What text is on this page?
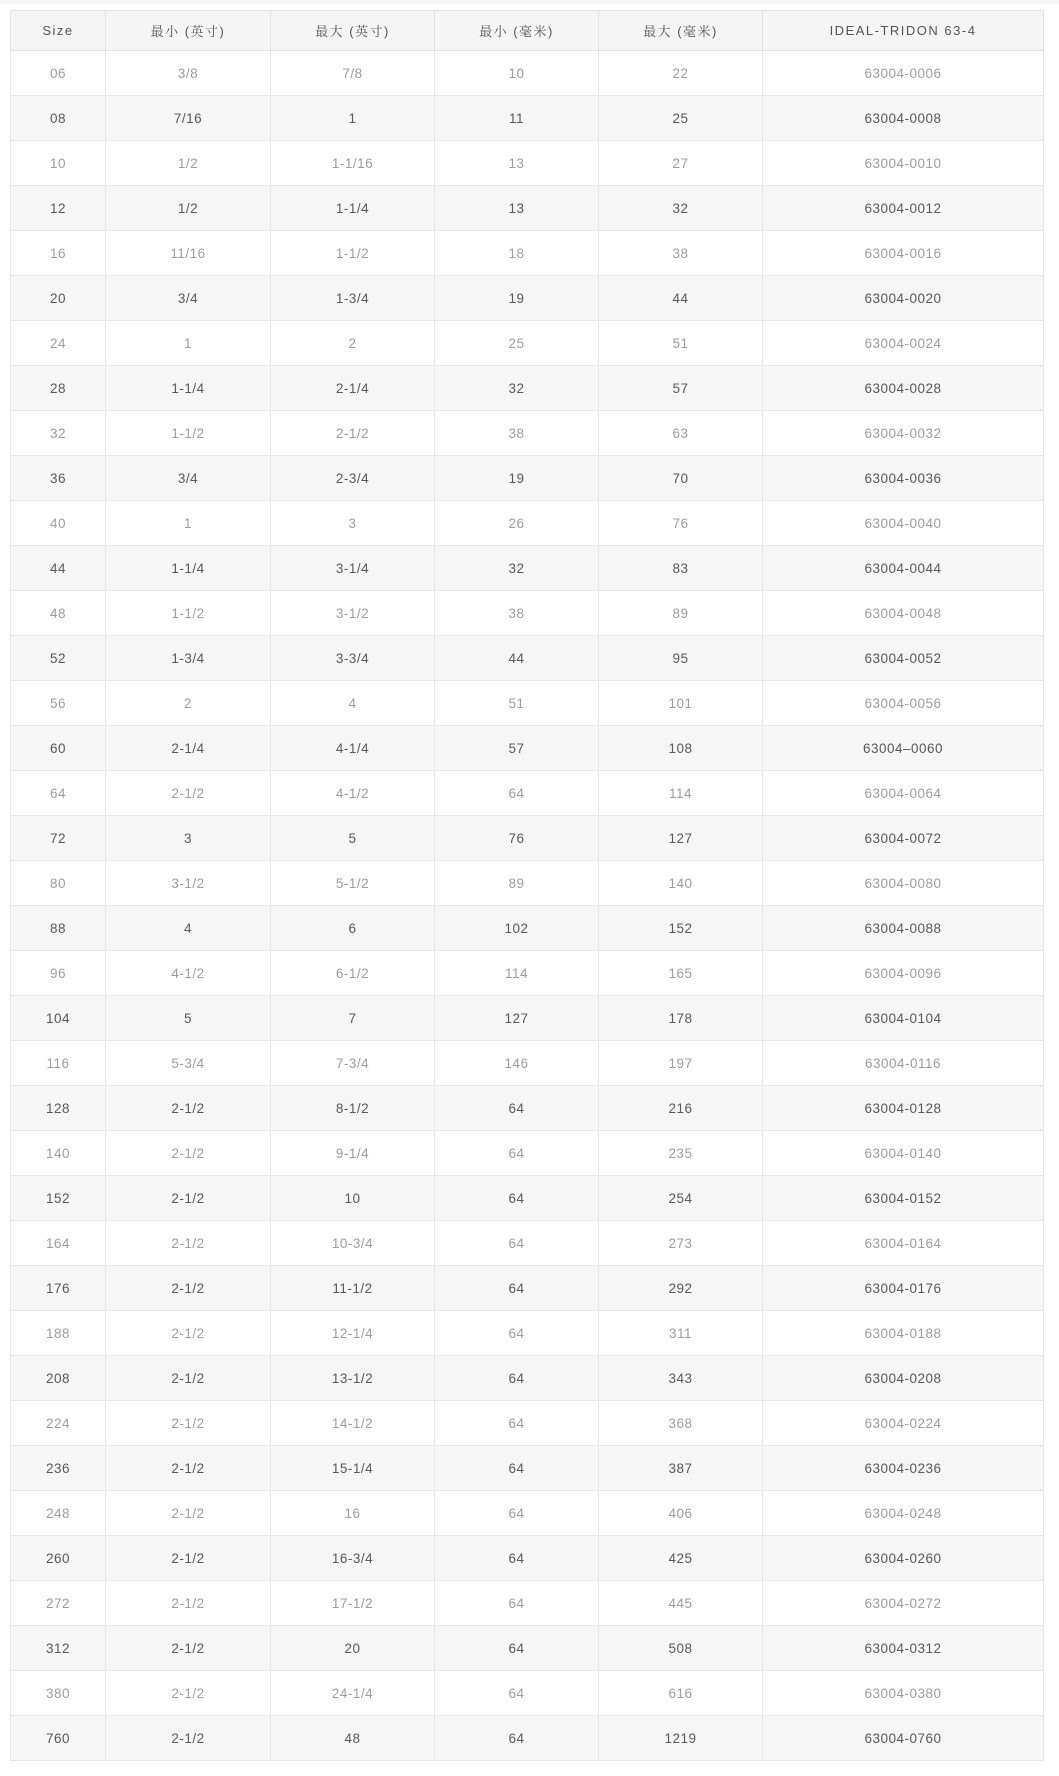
Size	最小 (英寸)	最大 (英寸)	最小 (毫米)	最大 (毫米)	IDEAL-TRIDON 63-4
06	3/8	7/8	10	22	63004-0006
08	7/16	1	11	25	63004-0008
10	1/2	1-1/16	13	27	63004-0010
12	1/2	1-1/4	13	32	63004-0012
16	11/16	1-1/2	18	38	63004-0016
20	3/4	1-3/4	19	44	63004-0020
24	1	2	25	51	63004-0024
28	1-1/4	2-1/4	32	57	63004-0028
32	1-1/2	2-1/2	38	63	63004-0032
36	3/4	2-3/4	19	70	63004-0036
40	1	3	26	76	63004-0040
44	1-1/4	3-1/4	32	83	63004-0044
48	1-1/2	3-1/2	38	89	63004-0048
52	1-3/4	3-3/4	44	95	63004-0052
56	2	4	51	101	63004-0056
60	2-1/4	4-1/4	57	108	63004–0060
64	2-1/2	4-1/2	64	114	63004-0064
72	3	5	76	127	63004-0072
80	3-1/2	5-1/2	89	140	63004-0080
88	4	6	102	152	63004-0088
96	4-1/2	6-1/2	114	165	63004-0096
104	5	7	127	178	63004-0104
116	5-3/4	7-3/4	146	197	63004-0116
128	2-1/2	8-1/2	64	216	63004-0128
140	2-1/2	9-1/4	64	235	63004-0140
152	2-1/2	10	64	254	63004-0152
164	2-1/2	10-3/4	64	273	63004-0164
176	2-1/2	11-1/2	64	292	63004-0176
188	2-1/2	12-1/4	64	311	63004-0188
208	2-1/2	13-1/2	64	343	63004-0208
224	2-1/2	14-1/2	64	368	63004-0224
236	2-1/2	15-1/4	64	387	63004-0236
248	2-1/2	16	64	406	63004-0248
260	2-1/2	16-3/4	64	425	63004-0260
272	2-1/2	17-1/2	64	445	63004-0272
312	2-1/2	20	64	508	63004-0312
380	2-1/2	24-1/4	64	616	63004-0380
760	2-1/2	48	64	1219	63004-0760
